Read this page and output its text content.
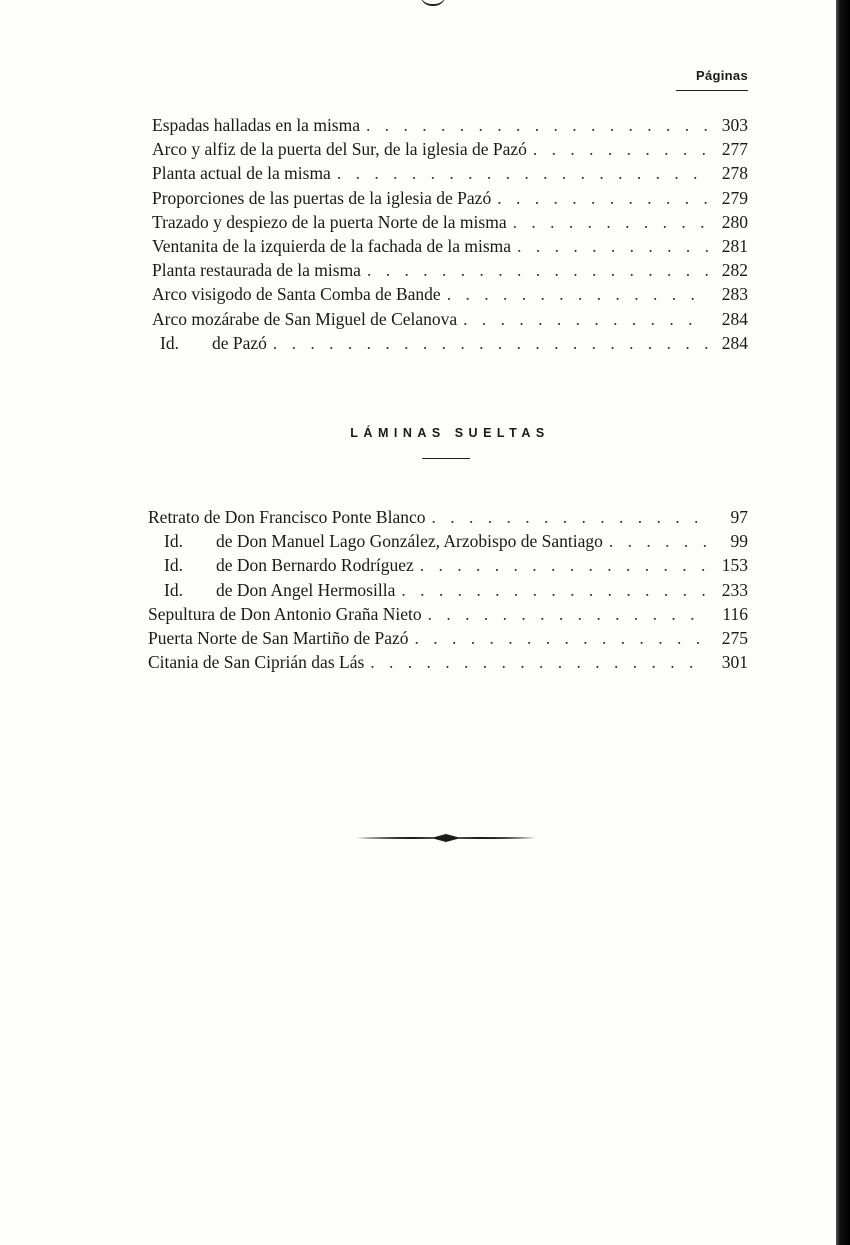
Páginas
Espadas halladas en la misma . . .	303
Arco y alfiz de la puerta del Sur, de la iglesia de Pazó . . .	277
Planta actual de la misma . . .	278
Proporciones de las puertas de la iglesia de Pazó . . .	279
Trazado y despiezo de la puerta Norte de la misma . . .	280
Ventanita de la izquierda de la fachada de la misma . . .	281
Planta restaurada de la misma . . .	282
Arco visigodo de Santa Comba de Bande . . .	283
Arco mozárabe de San Miguel de Celanova . . .	284
Id. de Pazó . . .	284
LÁMINAS SUELTAS
Retrato de Don Francisco Ponte Blanco . . .	97
Id. de Don Manuel Lago González, Arzobispo de Santiago . . .	99
Id. de Don Bernardo Rodríguez . . .	153
Id. de Don Angel Hermosilla . . .	233
Sepultura de Don Antonio Graña Nieto . . .	116
Puerta Norte de San Martiño de Pazó . . .	275
Citania de San Ciprián das Lás . . .	301
